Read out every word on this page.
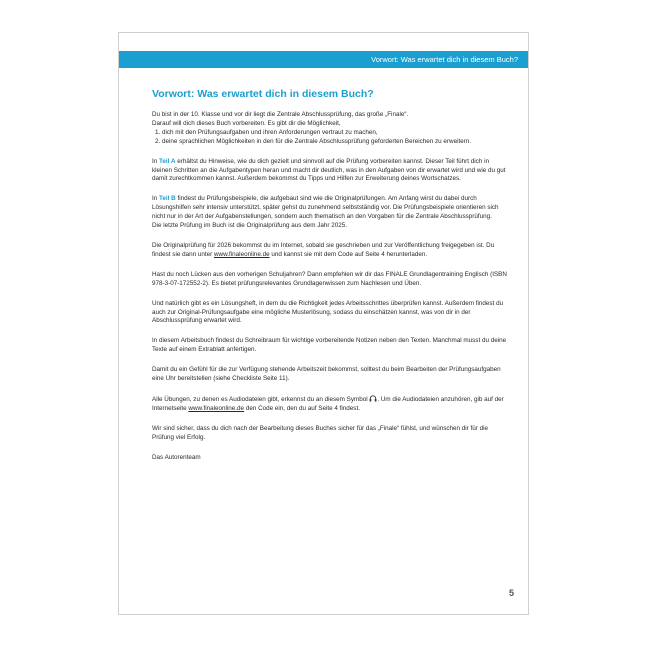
Vorwort: Was erwartet dich in diesem Buch?
Vorwort: Was erwartet dich in diesem Buch?

Du bist in der 10. Klasse und vor dir liegt die Zentrale Abschlussprüfung, das große „Finale“.
Darauf will dich dieses Buch vorbereiten. Es gibt dir die Möglichkeit,

1. dich mit den Prüfungsaufgaben und ihren Anforderungen vertraut zu machen,
2. deine sprachlichen Möglichkeiten in den für die Zentrale Abschlussprüfung geforderten Bereichen zu erweitern.

In Teil A erhältst du Hinweise, wie du dich gezielt und sinnvoll auf die Prüfung vorbereiten kannst. Dieser Teil führt dich in kleinen Schritten an die Aufgabentypen heran und macht dir deutlich, was in den Aufgaben von dir erwartet wird und wie du gut damit zurechtkommen kannst. Außerdem bekommst du Tipps und Hilfen zur Erweiterung deines Wortschatzes.

In Teil B findest du Prüfungsbeispiele, die aufgebaut sind wie die Originalprüfungen. Am Anfang wirst du dabei durch Lösungshilfen sehr intensiv unterstützt, später gehst du zunehmend selbstständig vor. Die Prüfungsbeispiele orientieren sich nicht nur in der Art der Aufgabenstellungen, sondern auch thematisch an den Vorgaben für die Zentrale Abschlussprüfung.
Die letzte Prüfung im Buch ist die Originalprüfung aus dem Jahr 2025.

Die Originalprüfung für 2026 bekommst du im Internet, sobald sie geschrieben und zur Veröffentlichung freigegeben ist. Du findest sie dann unter www.finaleonline.de und kannst sie mit dem Code auf Seite 4 herunterladen.

Hast du noch Lücken aus den vorherigen Schuljahren? Dann empfehlen wir dir das FINALE Grundlagentraining Englisch (ISBN 978-3-07-172552-2). Es bietet prüfungsrelevantes Grundlagenwissen zum Nachlesen und Üben.

Und natürlich gibt es ein Lösungsheft, in dem du die Richtigkeit jedes Arbeitsschrittes überprüfen kannst. Außerdem findest du auch zur Original-Prüfungsaufgabe eine mögliche Musterlösung, sodass du einschätzen kannst, was von dir in der Abschlussprüfung erwartet wird.

In diesem Arbeitsbuch findest du Schreibraum für wichtige vorbereitende Notizen neben den Texten. Manchmal musst du deine Texte auf einem Extrablatt anfertigen.

Damit du ein Gefühl für die zur Verfügung stehende Arbeitszeit bekommst, solltest du beim Bearbeiten der Prüfungsaufgaben eine Uhr bereitstellen (siehe Checkliste Seite 11).

Alle Übungen, zu denen es Audiodateien gibt, erkennst du an diesem Symbol . Um die Audiodateien anzuhören, gib auf der Internetseite www.finaleonline.de den Code ein, den du auf Seite 4 findest.

Wir sind sicher, dass du dich nach der Bearbeitung dieses Buches sicher für das „Finale“ fühlst, und wünschen dir für die Prüfung viel Erfolg.

Das Autorenteam

5
